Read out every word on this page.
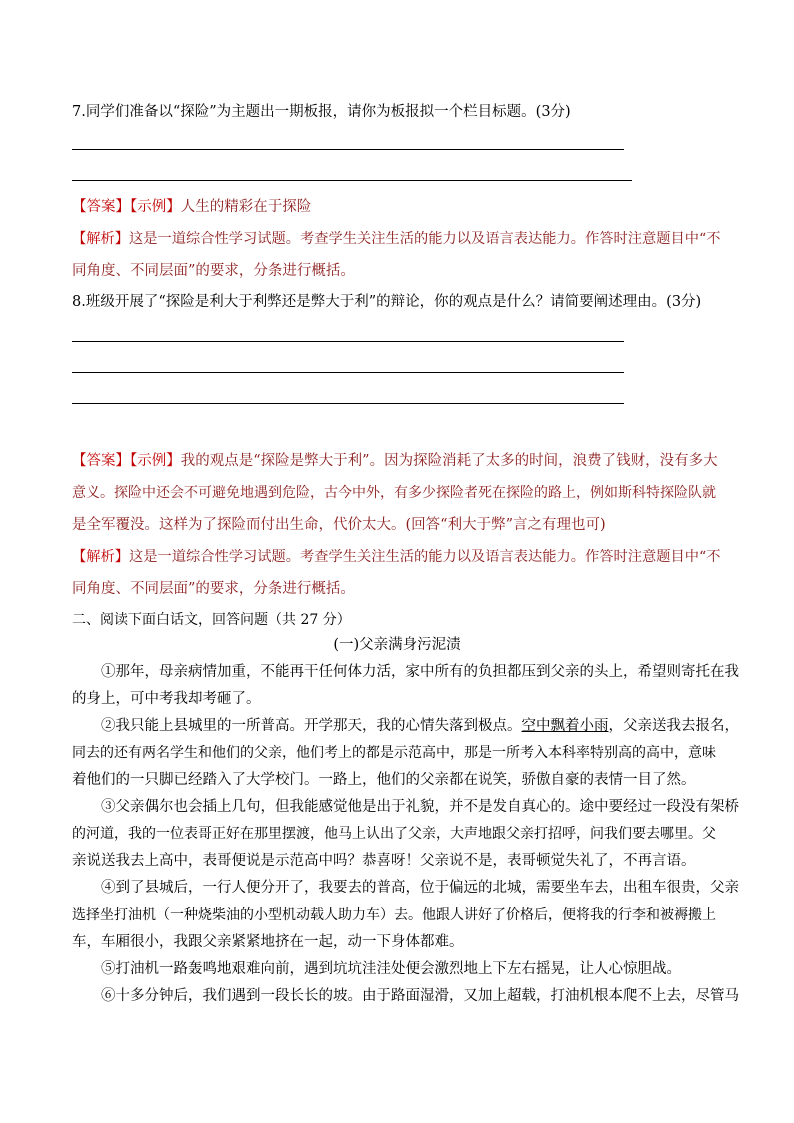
7.同学们准备以“探险”为主题出一期板报，请你为板报拟一个栏目标题。(3分)
【答案】【示例】人生的精彩在于探险
【解析】这是一道综合性学习试题。考查学生关注生活的能力以及语言表达能力。作答时注意题目中“不
同角度、不同层面”的要求，分条进行概括。
8.班级开展了“探险是利大于利弊还是弊大于利”的辩论，你的观点是什么？请简要阐述理由。(3分)
【答案】【示例】我的观点是“探险是弊大于利”。因为探险消耗了太多的时间，浪费了钱财，没有多大
意义。探险中还会不可避免地遇到危险，古今中外，有多少探险者死在探险的路上，例如斯科特探险队就
是全军覆没。这样为了探险而付出生命，代价太大。(回答“利大于弊”言之有理也可)
【解析】这是一道综合性学习试题。考查学生关注生活的能力以及语言表达能力。作答时注意题目中“不
同角度、不同层面”的要求，分条进行概括。
二、阅读下面白话文，回答问题（共 27 分）
(一)父亲满身污泥渍
①那年，母亲病情加重，不能再干任何体力活，家中所有的负担都压到父亲的头上，希望则寄托在我
的身上，可中考我却考砸了。
②我只能上县城里的一所普高。开学那天，我的心情失落到极点。空中飘着小雨，父亲送我去报名，
同去的还有两名学生和他们的父亲，他们考上的都是示范高中，那是一所考入本科率特别高的高中，意味
着他们的一只脚已经踏入了大学校门。一路上，他们的父亲都在说笑，骄傲自豪的表情一目了然。
③父亲偶尔也会插上几句，但我能感觉他是出于礼貌，并不是发自真心的。途中要经过一段没有架桥
的河道，我的一位表哥正好在那里摆渡，他马上认出了父亲，大声地跟父亲打招呼，问我们要去哪里。父
亲说送我去上高中，表哥便说是示范高中吗？恭喜呀！父亲说不是，表哥顿觉失礼了，不再言语。
④到了县城后，一行人便分开了，我要去的普高，位于偏远的北城，需要坐车去，出租车很贵，父亲
选择坐打油机（一种烧柴油的小型机动载人助力车）去。他跟人讲好了价格后，便将我的行李和被褥搬上
车，车厢很小，我跟父亲紧紧地挤在一起，动一下身体都难。
⑤打油机一路轰鸣地艰难向前，遇到坑坑洼洼处便会激烈地上下左右摇晃，让人心惊胆战。
⑥十多分钟后，我们遇到一段长长的坡。由于路面湿滑，又加上超载，打油机根本爬不上去，尽管马
